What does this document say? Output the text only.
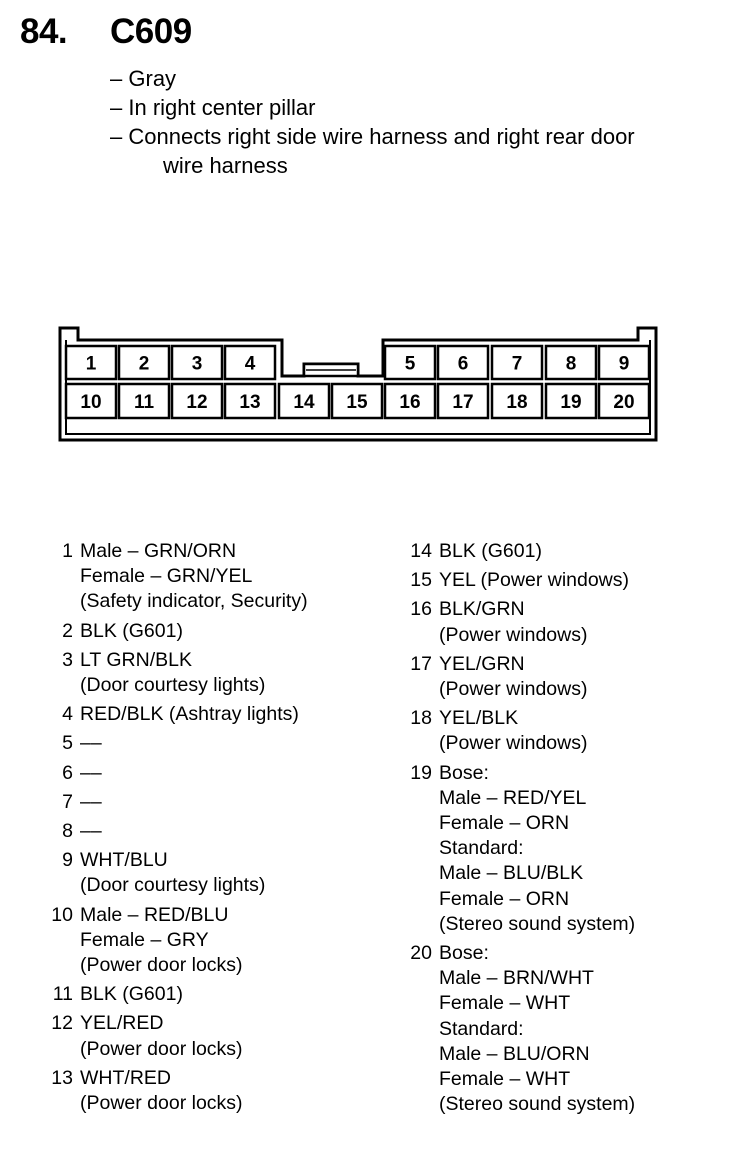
84. C609
– Gray
– In right center pillar
– Connects right side wire harness and right rear door
wire harness
1 2 3 4	5 6 7 8 9
10 11 12 13 14 15 16 17 18 19 20
1 Male – GRN/ORN
Female – GRN/YEL
(Safety indicator, Security)
2 BLK (G601)
3 LT GRN/BLK
(Door courtesy lights)
4 RED/BLK (Ashtray lights)
5 ––
6 ––
7 ––
8 ––
9 WHT/BLU
(Door courtesy lights)
10 Male – RED/BLU
Female – GRY
(Power door locks)
11 BLK (G601)
12 YEL/RED
(Power door locks)
13 WHT/RED
(Power door locks)
14 BLK (G601)
15 YEL (Power windows)
16 BLK/GRN
(Power windows)
17 YEL/GRN
(Power windows)
18 YEL/BLK
(Power windows)
19 Bose:
Male – RED/YEL
Female – ORN
Standard:
Male – BLU/BLK
Female – ORN
(Stereo sound system)
20 Bose:
Male – BRN/WHT
Female – WHT
Standard:
Male – BLU/ORN
Female – WHT
(Stereo sound system)
